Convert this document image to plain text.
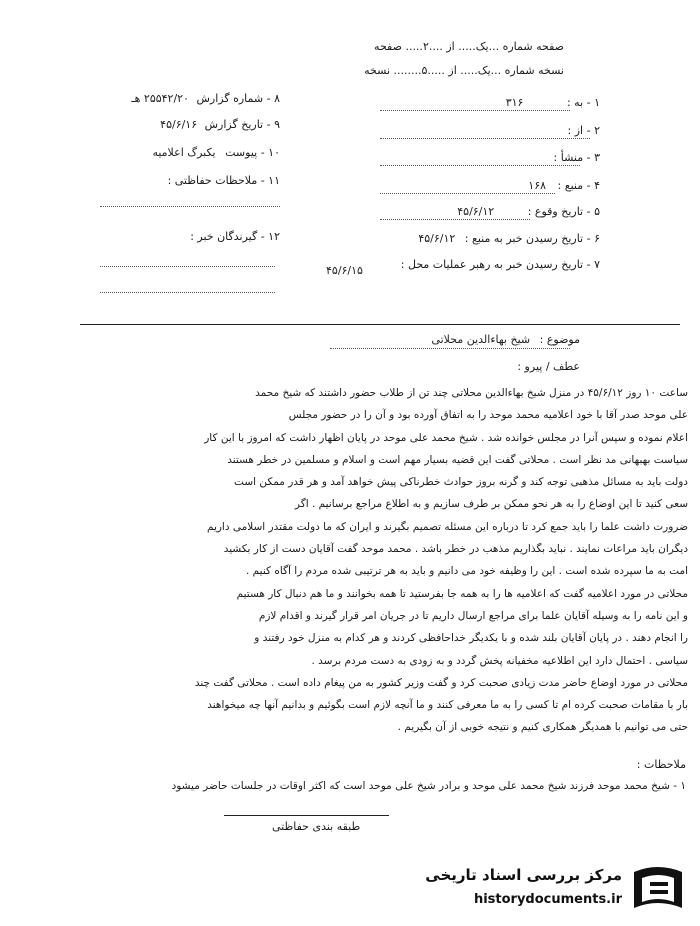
صفحه شماره ...یک..... از ....۲..... صفحه
نسخه شماره ...یک..... از .....۵........ نسخه
۱ - به : ۳۱۶
۲ - از :
۳ - منشأ :
۴ - منبع : ۱۶۸
۵ - تاریخ وقوع : ۴۵/۶/۱۲
۶ - تاریخ رسیدن خبر به منبع : ۴۵/۶/۱۲
۷ - تاریخ رسیدن خبر به رهبر عملیات محل :
۴۵/۶/۱۵
۸ - شماره گزارش ۲۵۵۴۲/۲۰ هـ
۹ - تاریخ گزارش ۴۵/۶/۱۶
۱۰ - پیوست یکبرگ اعلامیه
۱۱ - ملاحظات حفاظتی :
۱۲ - گیرندگان خبر :
موضوع : شیخ بهاءالدین محلاتی
عطف / پیرو :
ساعت ۱۰ روز ۴۵/۶/۱۲ در منزل شیخ بهاءالدین محلاتی چند تن از طلاب حضور داشتند که شیخ محمد
علی موحد صدر آقا با خود اعلامیه محمد موحد را به اتفاق آورده بود و آن را در حضور مجلس
اعلام نموده و سپس آنرا در مجلس خوانده شد . شیخ محمد علی موحد در پایان اظهار داشت که امروز با این کار
سیاست بهبهانی مد نظر است . محلاتی گفت این قضیه بسیار مهم است و اسلام و مسلمین در خطر هستند
دولت باید به مسائل مذهبی توجه کند و گرنه بروز حوادث خطرناکی پیش خواهد آمد و هر قدر ممکن است
سعی کنید تا این اوضاع را به هر نحو ممکن بر طرف سازیم و به اطلاع مراجع برسانیم . اگر
ضرورت داشت علما را باید جمع کرد تا درباره این مسئله تصمیم بگیرند و ایران که ما دولت مقتدر اسلامی داریم
دیگران باید مراعات نمایند . نباید بگذاریم مذهب در خطر باشد . محمد موحد گفت آقایان دست از کار بکشید
امت به ما سپرده شده است . این را وظیفه خود می دانیم و باید به هر ترتیبی شده مردم را آگاه کنیم .
محلاتی در مورد اعلامیه گفت که اعلامیه ها را به همه جا بفرستید تا همه بخوانند و ما هم دنبال کار هستیم
و این نامه را به وسیله آقایان علما برای مراجع ارسال داریم تا در جریان امر قرار گیرند و اقدام لازم
را انجام دهند . در پایان آقایان بلند شده و با یکدیگر خداحافظی کردند و هر کدام به منزل خود رفتند و
سیاسی . احتمال دارد این اطلاعیه مخفیانه پخش گردد و به زودی به دست مردم برسد .
محلاتی در مورد اوضاع حاضر مدت زیادی صحبت کرد و گفت وزیر کشور به من پیغام داده است . محلاتی گفت چند
بار با مقامات صحبت کرده ام تا کسی را به ما معرفی کنند و ما آنچه لازم است بگوئیم و بدانیم آنها چه میخواهند
حتی می توانیم با همدیگر همکاری کنیم و نتیجه خوبی از آن بگیریم .
ملاحظات :
۱ - شیخ محمد موحد فرزند شیخ محمد علی موحد و برادر شیخ علی موحد است که اکثر اوقات در جلسات حاضر میشود
طبقه بندی حفاظتی
مرکز بررسی اسناد تاریخی
historydocuments.ir
